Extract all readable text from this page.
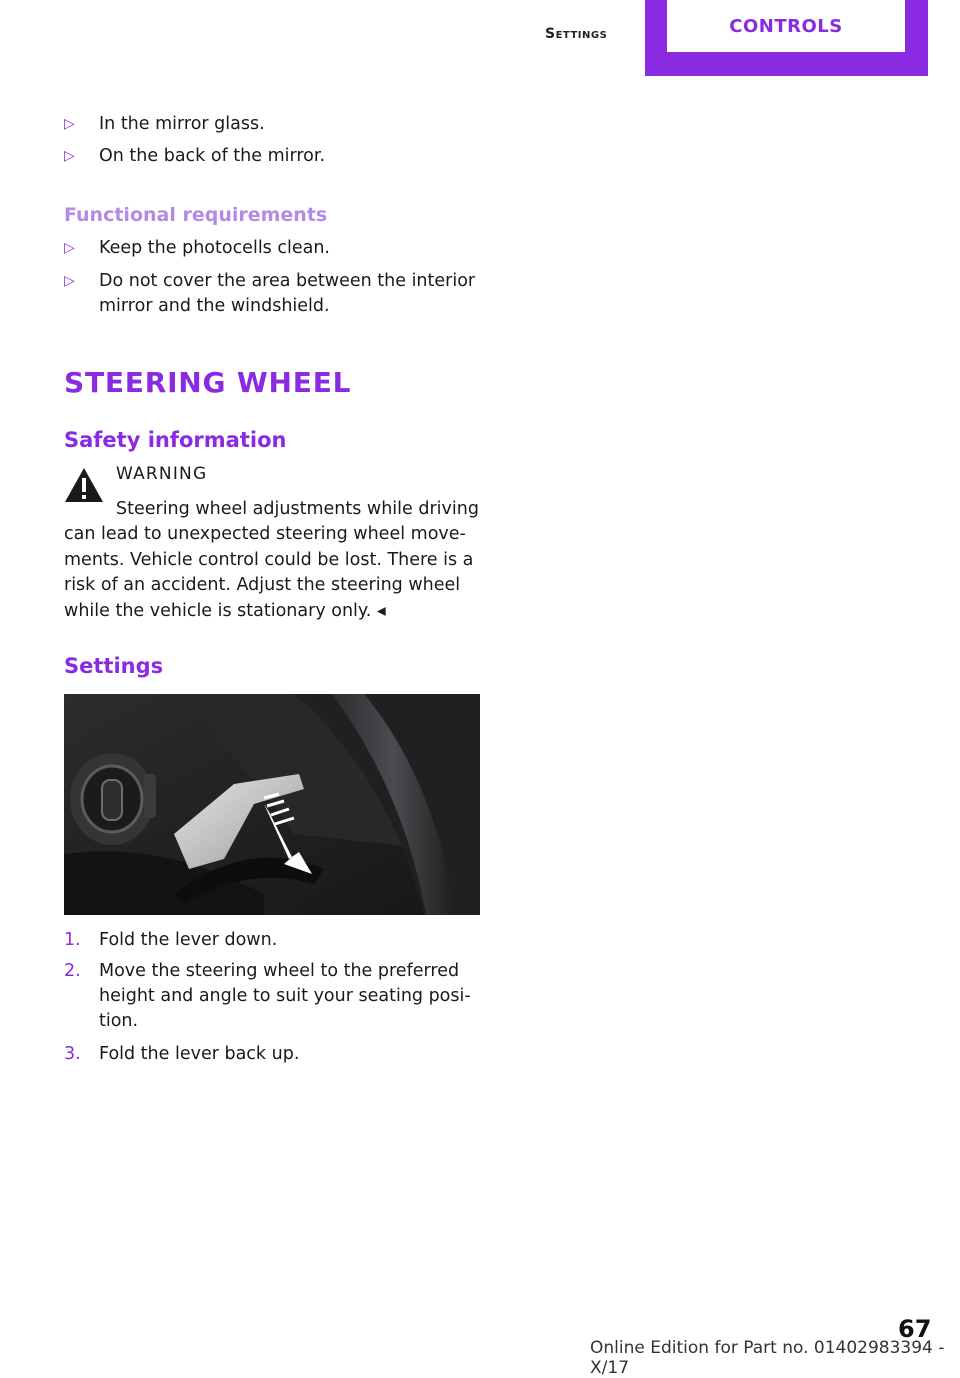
Settings	CONTROLS
▷ In the mirror glass.
▷ On the back of the mirror.
Functional requirements
▷ Keep the photocells clean.
▷ Do not cover the area between the interior mirror and the windshield.
STEERING WHEEL
Safety information
WARNING
Steering wheel adjustments while driving
can lead to unexpected steering wheel move‐ ments. Vehicle control could be lost. There is a risk of an accident. Adjust the steering wheel while the vehicle is stationary only. ◂
Settings
1. Fold the lever down.
2. Move the steering wheel to the preferred height and angle to suit your seating posi‐ tion.
3. Fold the lever back up.
67
Online Edition for Part no. 01402983394 - X/17
